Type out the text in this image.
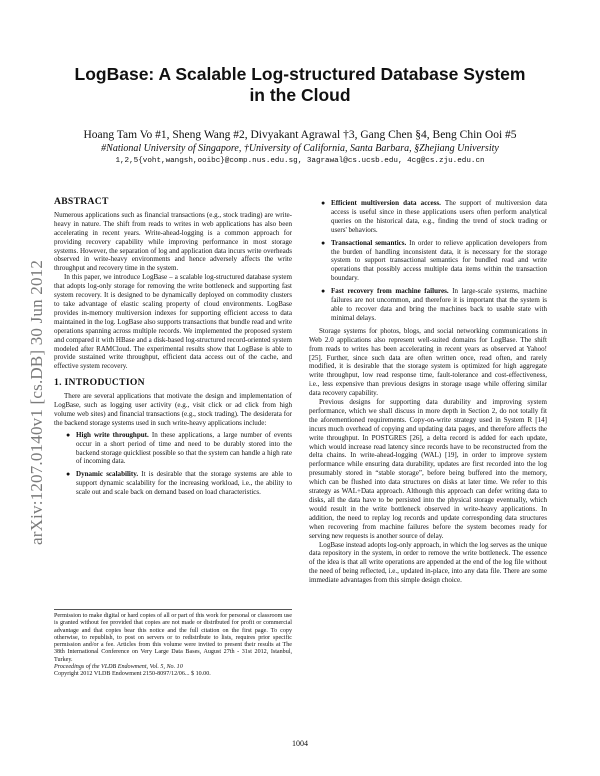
LogBase: A Scalable Log-structured Database System
in the Cloud
Hoang Tam Vo #1, Sheng Wang #2, Divyakant Agrawal †3, Gang Chen §4, Beng Chin Ooi #5
#National University of Singapore, †University of California, Santa Barbara, §Zhejiang University
1,2,5{voht,wangsh,ooibc}@comp.nus.edu.sg, 3agrawal@cs.ucsb.edu, 4cg@cs.zju.edu.cn
arXiv:1207.0140v1 [cs.DB] 30 Jun 2012
ABSTRACT

Numerous applications such as financial transactions (e.g., stock trading) are write-heavy in nature. The shift from reads to writes in web applications has also been accelerating in recent years. Write-ahead-logging is a common approach for providing recovery capability while improving performance in most storage systems. However, the separation of log and application data incurs write overheads observed in write-heavy environments and hence adversely affects the write throughput and recovery time in the system.

In this paper, we introduce LogBase – a scalable log-structured database system that adopts log-only storage for removing the write bottleneck and supporting fast system recovery. It is designed to be dynamically deployed on commodity clusters to take advantage of elastic scaling property of cloud environments. LogBase provides in-memory multiversion indexes for supporting efficient access to data maintained in the log. LogBase also supports transactions that bundle read and write operations spanning across multiple records. We implemented the proposed system and compared it with HBase and a disk-based log-structured record-oriented system modeled after RAMCloud. The experimental results show that LogBase is able to provide sustained write throughput, efficient data access out of the cache, and effective system recovery.

1. INTRODUCTION

There are several applications that motivate the design and implementation of LogBase, such as logging user activity (e.g., visit click or ad click from high volume web sites) and financial transactions (e.g., stock trading). The desiderata for the backend storage systems used in such write-heavy applications include:

● High write throughput. In these applications, a large number of events occur in a short period of time and need to be durably stored into the backend storage quickliest possible so that the system can handle a high rate of incoming data.
● Dynamic scalability. It is desirable that the storage systems are able to support dynamic scalability for the increasing workload, i.e., the ability to scale out and scale back on demand based on load characteristics.
Permission to make digital or hard copies of all or part of this work for personal or classroom use is granted without fee provided that copies are not made or distributed for profit or commercial advantage and that copies bear this notice and the full citation on the first page. To copy otherwise, to republish, to post on servers or to redistribute to lists, requires prior specific permission and/or a fee. Articles from this volume were invited to present their results at The 38th International Conference on Very Large Data Bases, August 27th - 31st 2012, Istanbul, Turkey.
Proceedings of the VLDB Endowment, Vol. 5, No. 10
Copyright 2012 VLDB Endowment 2150-8097/12/06... $ 10.00.
● Efficient multiversion data access. The support of multiversion data access is useful since in these applications users often perform analytical queries on the historical data, e.g., finding the trend of stock trading or users' behaviors.
● Transactional semantics. In order to relieve application developers from the burden of handling inconsistent data, it is necessary for the storage system to support transactional semantics for bundled read and write operations that possibly access multiple data items within the transaction boundary.
● Fast recovery from machine failures. In large-scale systems, machine failures are not uncommon, and therefore it is important that the system is able to recover data and bring the machines back to usable state with minimal delays.

Storage systems for photos, blogs, and social networking communications in Web 2.0 applications also represent well-suited domains for LogBase. The shift from reads to writes has been accelerating in recent years as observed at Yahoo! [25]. Further, since such data are often written once, read often, and rarely modified, it is desirable that the storage system is optimized for high aggregate write throughput, low read response time, fault-tolerance and cost-effectiveness, i.e., less expensive than previous designs in storage usage while offering similar data recovery capability.

Previous designs for supporting data durability and improving system performance, which we shall discuss in more depth in Section 2, do not totally fit the aforementioned requirements. Copy-on-write strategy used in System R [14] incurs much overhead of copying and updating data pages, and therefore affects the write throughput. In POSTGRES [26], a delta record is added for each update, which would increase read latency since records have to be reconstructed from the delta chains. In write-ahead-logging (WAL) [19], in order to improve system performance while ensuring data durability, updates are first recorded into the log presumably stored in “stable storage”, before being buffered into the memory, which can be flushed into data structures on disks at later time. We refer to this strategy as WAL+Data approach. Although this approach can defer writing data to disks, all the data have to be persisted into the physical storage eventually, which would result in the write bottleneck observed in write-heavy applications. In addition, the need to replay log records and update corresponding data structures when recovering from machine failures before the system becomes ready for serving new requests is another source of delay.

LogBase instead adopts log-only approach, in which the log serves as the unique data repository in the system, in order to remove the write bottleneck. The essence of the idea is that all write operations are appended at the end of the log file without the need of being reflected, i.e., updated in-place, into any data file. There are some immediate advantages from this simple design choice.

1004
